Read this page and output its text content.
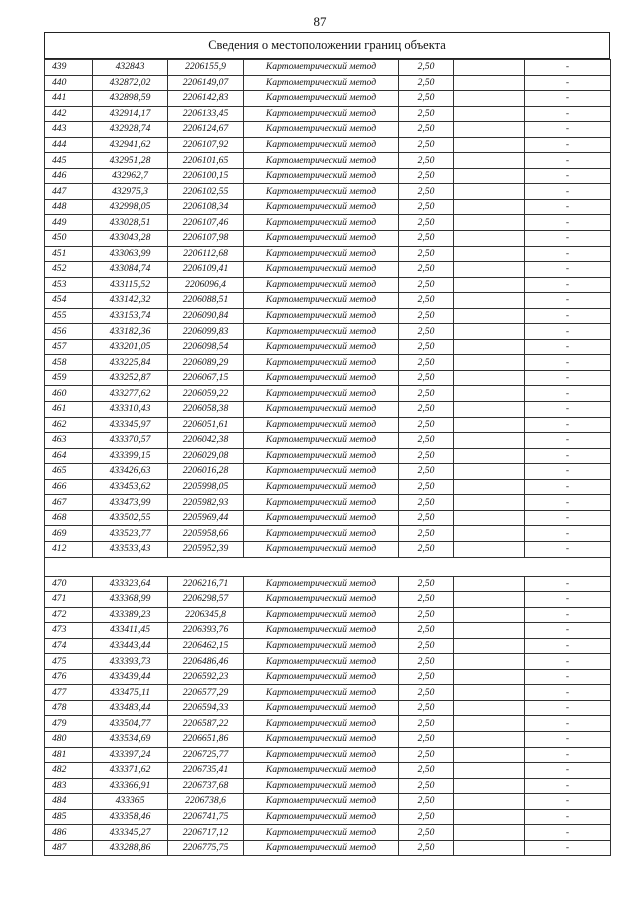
87
Сведения о местоположении границ объекта
439	432843	2206155,9	Картометрический метод	2,50		-
440	432872,02	2206149,07	Картометрический метод	2,50		-
441	432898,59	2206142,83	Картометрический метод	2,50		-
442	432914,17	2206133,45	Картометрический метод	2,50		-
443	432928,74	2206124,67	Картометрический метод	2,50		-
444	432941,62	2206107,92	Картометрический метод	2,50		-
445	432951,28	2206101,65	Картометрический метод	2,50		-
446	432962,7	2206100,15	Картометрический метод	2,50		-
447	432975,3	2206102,55	Картометрический метод	2,50		-
448	432998,05	2206108,34	Картометрический метод	2,50		-
449	433028,51	2206107,46	Картометрический метод	2,50		-
450	433043,28	2206107,98	Картометрический метод	2,50		-
451	433063,99	2206112,68	Картометрический метод	2,50		-
452	433084,74	2206109,41	Картометрический метод	2,50		-
453	433115,52	2206096,4	Картометрический метод	2,50		-
454	433142,32	2206088,51	Картометрический метод	2,50		-
455	433153,74	2206090,84	Картометрический метод	2,50		-
456	433182,36	2206099,83	Картометрический метод	2,50		-
457	433201,05	2206098,54	Картометрический метод	2,50		-
458	433225,84	2206089,29	Картометрический метод	2,50		-
459	433252,87	2206067,15	Картометрический метод	2,50		-
460	433277,62	2206059,22	Картометрический метод	2,50		-
461	433310,43	2206058,38	Картометрический метод	2,50		-
462	433345,97	2206051,61	Картометрический метод	2,50		-
463	433370,57	2206042,38	Картометрический метод	2,50		-
464	433399,15	2206029,08	Картометрический метод	2,50		-
465	433426,63	2206016,28	Картометрический метод	2,50		-
466	433453,62	2205998,05	Картометрический метод	2,50		-
467	433473,99	2205982,93	Картометрический метод	2,50		-
468	433502,55	2205969,44	Картометрический метод	2,50		-
469	433523,77	2205958,66	Картометрический метод	2,50		-
412	433533,43	2205952,39	Картометрический метод	2,50		-

470	433323,64	2206216,71	Картометрический метод	2,50		-
471	433368,99	2206298,57	Картометрический метод	2,50		-
472	433389,23	2206345,8	Картометрический метод	2,50		-
473	433411,45	2206393,76	Картометрический метод	2,50		-
474	433443,44	2206462,15	Картометрический метод	2,50		-
475	433393,73	2206486,46	Картометрический метод	2,50		-
476	433439,44	2206592,23	Картометрический метод	2,50		-
477	433475,11	2206577,29	Картометрический метод	2,50		-
478	433483,44	2206594,33	Картометрический метод	2,50		-
479	433504,77	2206587,22	Картометрический метод	2,50		-
480	433534,69	2206651,86	Картометрический метод	2,50		-
481	433397,24	2206725,77	Картометрический метод	2,50		-
482	433371,62	2206735,41	Картометрический метод	2,50		-
483	433366,91	2206737,68	Картометрический метод	2,50		-
484	433365	2206738,6	Картометрический метод	2,50		-
485	433358,46	2206741,75	Картометрический метод	2,50		-
486	433345,27	2206717,12	Картометрический метод	2,50		-
487	433288,86	2206775,75	Картометрический метод	2,50		-
